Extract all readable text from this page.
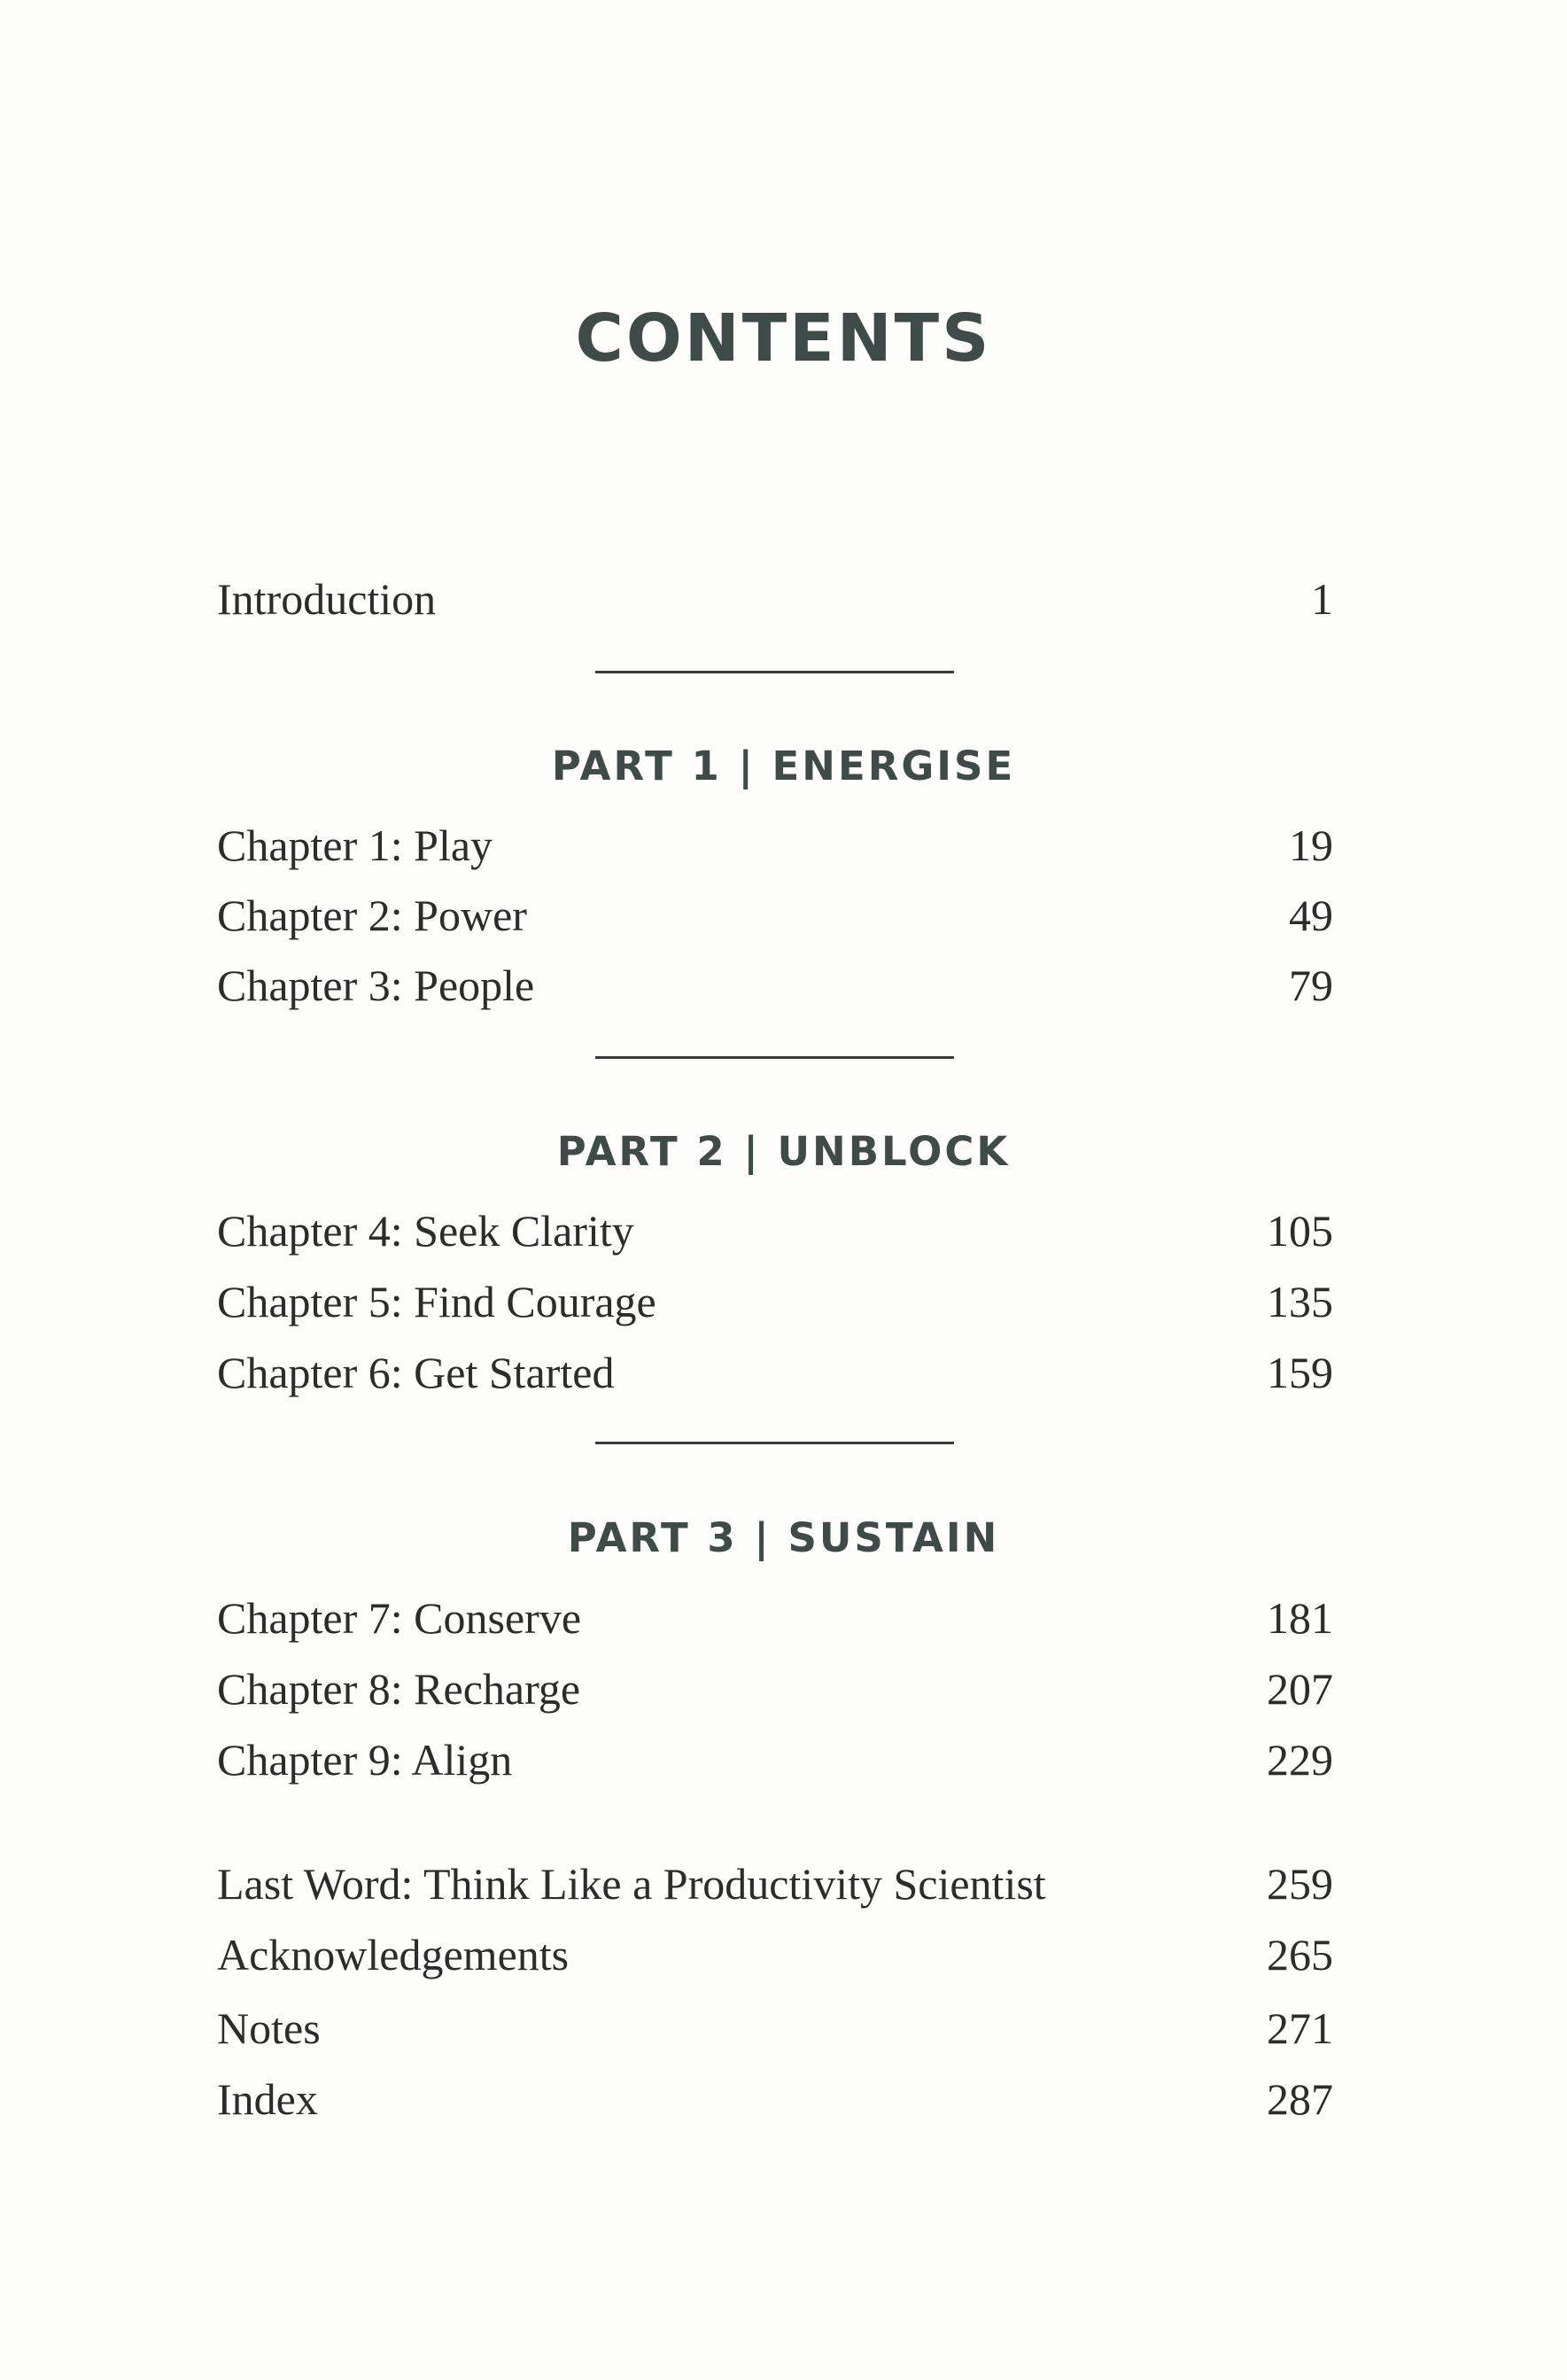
CONTENTS
Introduction	1
PART 1 | ENERGISE
Chapter 1: Play	19
Chapter 2: Power	49
Chapter 3: People	79
PART 2 | UNBLOCK
Chapter 4: Seek Clarity	105
Chapter 5: Find Courage	135
Chapter 6: Get Started	159
PART 3 | SUSTAIN
Chapter 7: Conserve	181
Chapter 8: Recharge	207
Chapter 9: Align	229
Last Word: Think Like a Productivity Scientist	259
Acknowledgements	265
Notes	271
Index	287
